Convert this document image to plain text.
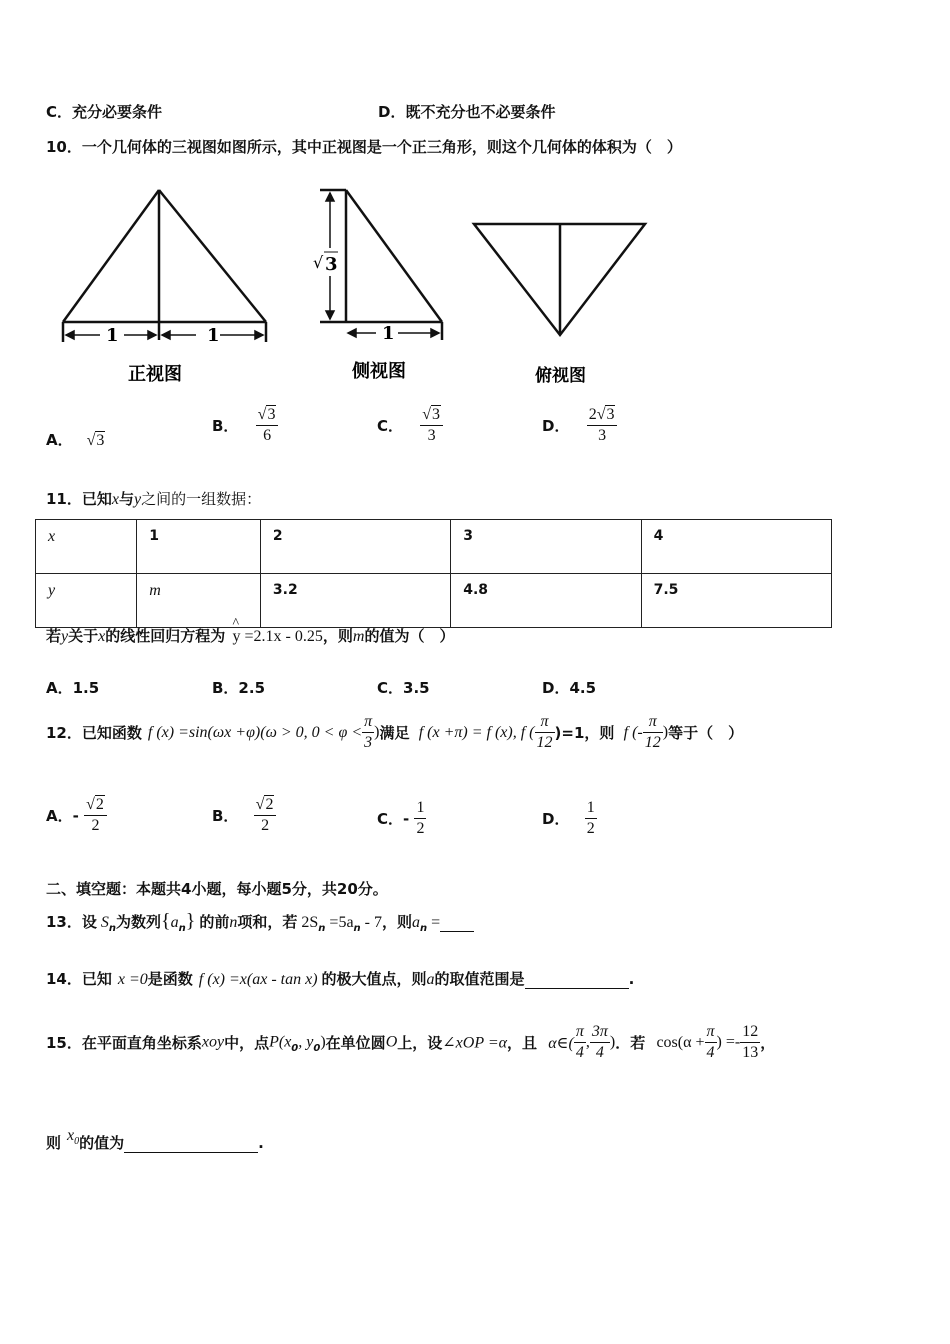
C．充分必要条件	D．既不充分也不必要条件
10．一个几何体的三视图如图所示，其中正视图是一个正三角形，则这个几何体的体积为（　）
1	1
√ 3
1
正视图	侧视图	俯视图
A． √3
B． $\frac{√3}{6}$	C． $\frac{√3}{3}$	D． $\frac{2√3}{3}$
11．已知x与y之间的一组数据：
x	1	2	3	4
y	m	3.2	4.8	7.5
若y关于x的线性回归方程为
^
y =2.1x - 0.25，则m的值为（　）
A．1.5	B．2.5	C．3.5	D．4.5
12．已知函数 f (x) =sin(ωx +φ)(ω > 0, $0 < \varphi < \frac{\pi}{3}$ )满足 f (x +π) = f (x), f ( $\frac{\pi}{12} )=1$，则 f (- $\frac{\pi}{12}$ )等于（　）
A．- $\frac{√2}{2}$	B． $\frac{√2}{2}$	C．- $\frac{1}{2}$	D． $\frac{1}{2}$
二、填空题：本题共4小题，每小题5分，共20分。
13．设 $S_n$为数列$\{a_n\}$ 的前n项和，若 $2S_n =5a_n - 7$，则$a_n$ =
14．已知 x =0是函数 f (x) =x(ax - tan x) 的极大值点，则a的取值范围是	.
15．在平面直角坐标系xoy中，点$P(x_0$, $y_0$)在单位圆O上，设∠xOP =α，且 α∈( $\frac{\pi}{4}$ , $\frac{3\pi}{4}$ )．若 $\cos(\alpha + \frac{\pi}{4}$ ) =- $\frac{12}{13}$ ，
则 $x_0$的值为	.
